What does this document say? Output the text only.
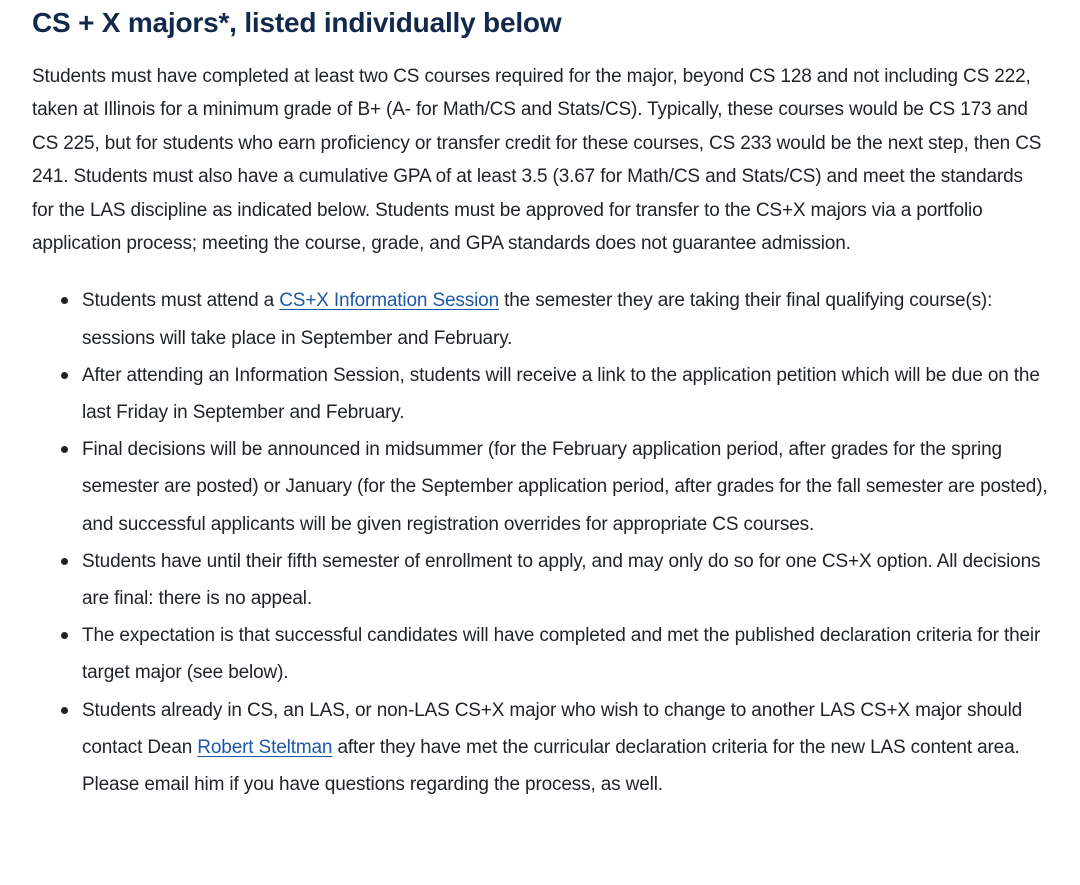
CS + X majors*, listed individually below

Students must have completed at least two CS courses required for the major, beyond CS 128 and not including CS 222, taken at Illinois for a minimum grade of B+ (A- for Math/CS and Stats/CS). Typically, these courses would be CS 173 and CS 225, but for students who earn proficiency or transfer credit for these courses, CS 233 would be the next step, then CS 241. Students must also have a cumulative GPA of at least 3.5 (3.67 for Math/CS and Stats/CS) and meet the standards for the LAS discipline as indicated below. Students must be approved for transfer to the CS+X majors via a portfolio application process; meeting the course, grade, and GPA standards does not guarantee admission.

Students must attend a CS+X Information Session the semester they are taking their final qualifying course(s): sessions will take place in September and February.
After attending an Information Session, students will receive a link to the application petition which will be due on the last Friday in September and February.
Final decisions will be announced in midsummer (for the February application period, after grades for the spring semester are posted) or January (for the September application period, after grades for the fall semester are posted), and successful applicants will be given registration overrides for appropriate CS courses.
Students have until their fifth semester of enrollment to apply, and may only do so for one CS+X option. All decisions are final: there is no appeal.
The expectation is that successful candidates will have completed and met the published declaration criteria for their target major (see below).
Students already in CS, an LAS, or non-LAS CS+X major who wish to change to another LAS CS+X major should contact Dean Robert Steltman after they have met the curricular declaration criteria for the new LAS content area. Please email him if you have questions regarding the process, as well.
